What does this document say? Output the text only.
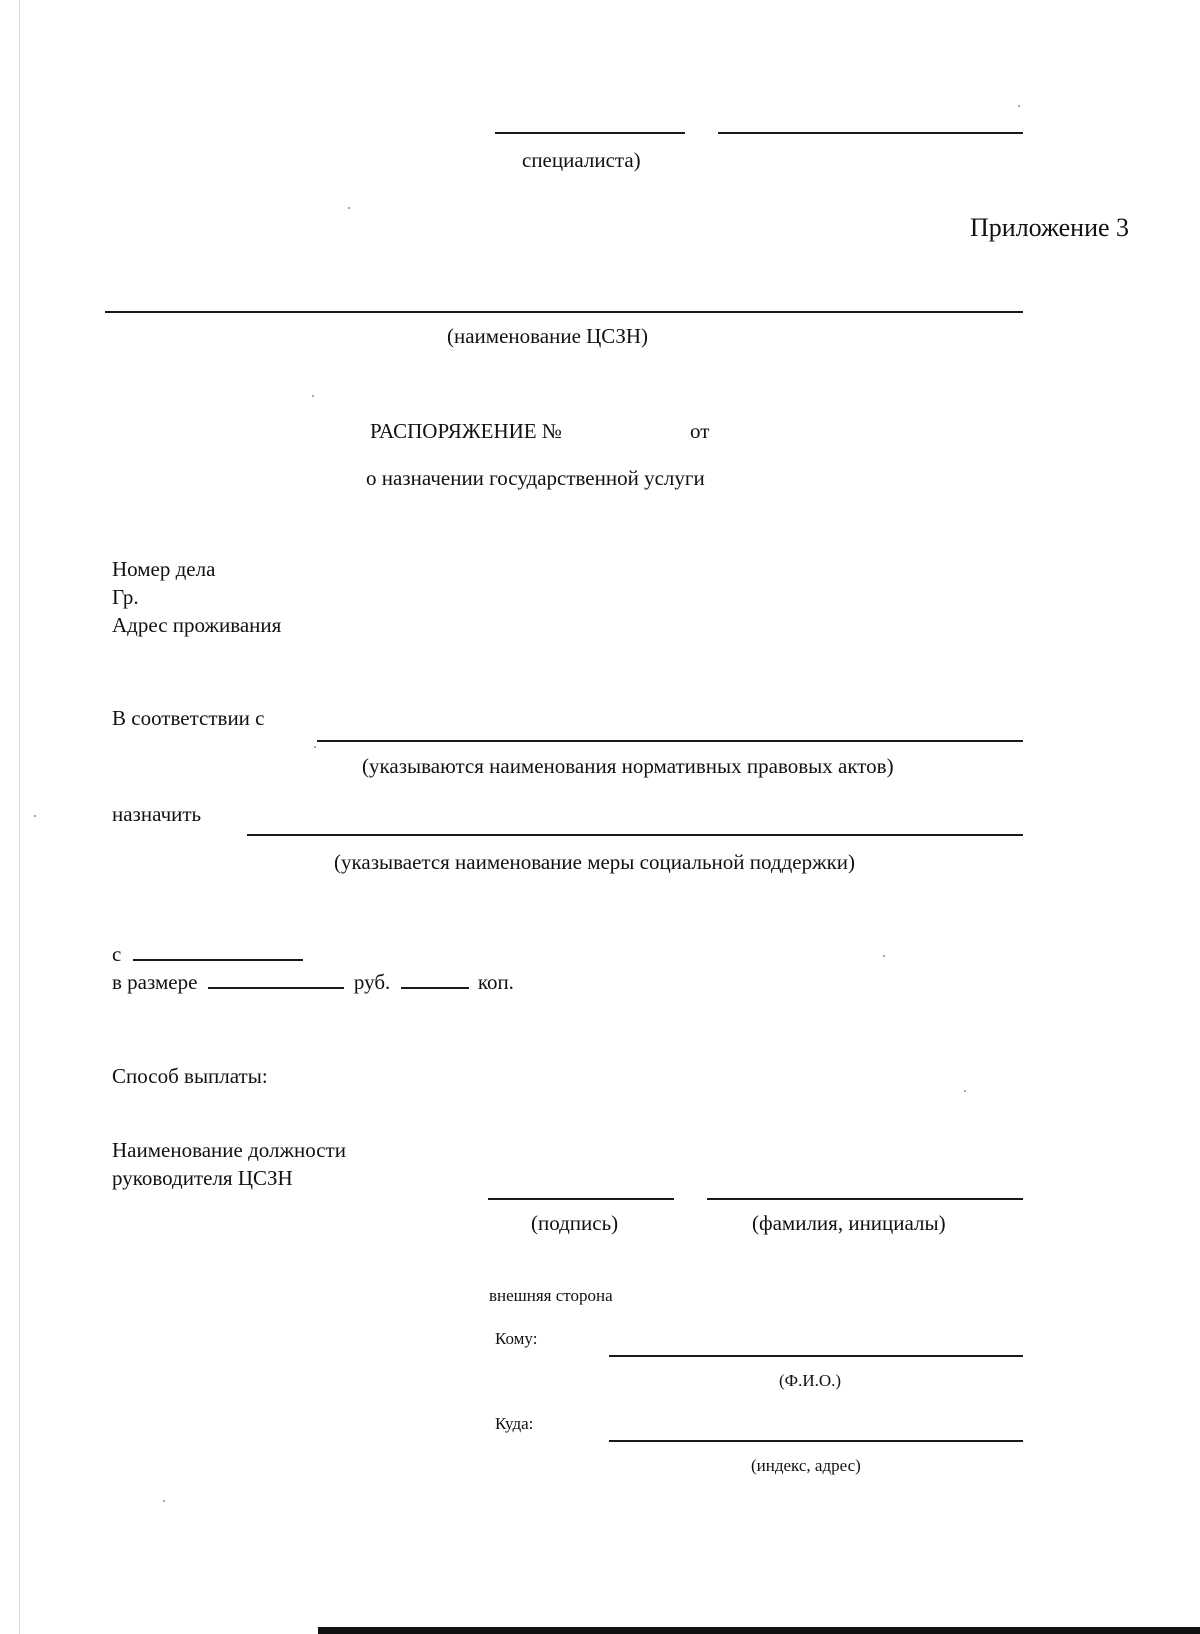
специалиста)
Приложение 3
(наименование ЦСЗН)
РАСПОРЯЖЕНИЕ №	от
о назначении государственной услуги
Номер дела
Гр.
Адрес проживания
В соответствии с
(указываются наименования нормативных правовых актов)
назначить
(указывается наименование меры социальной поддержки)
с
в размере	руб.	коп.
Способ выплаты:
Наименование должности
руководителя ЦСЗН
(подпись)	(фамилия, инициалы)
внешняя сторона
Кому:
(Ф.И.О.)
Куда:
(индекс, адрес)
